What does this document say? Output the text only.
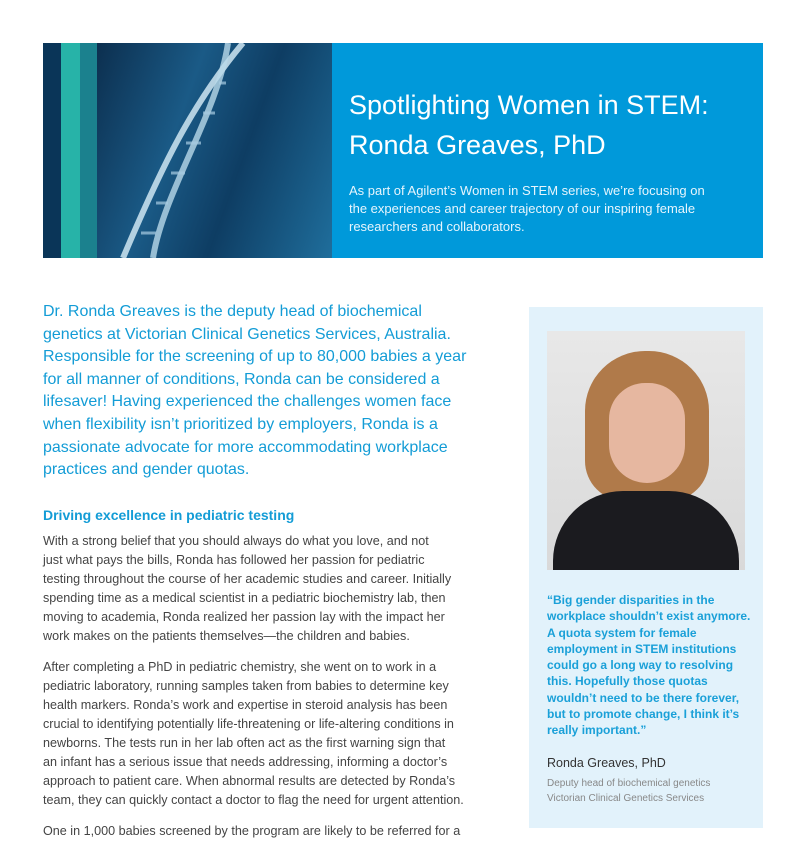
Spotlighting Women in STEM:
Ronda Greaves, PhD
As part of Agilent’s Women in STEM series, we’re focusing on
the experiences and career trajectory of our inspiring female
researchers and collaborators.
Dr. Ronda Greaves is the deputy head of biochemical
genetics at Victorian Clinical Genetics Services, Australia.
Responsible for the screening of up to 80,000 babies a year
for all manner of conditions, Ronda can be considered a
lifesaver! Having experienced the challenges women face
when flexibility isn’t prioritized by employers, Ronda is a
passionate advocate for more accommodating workplace
practices and gender quotas.
Driving excellence in pediatric testing

With a strong belief that you should always do what you love, and not
just what pays the bills, Ronda has followed her passion for pediatric
testing throughout the course of her academic studies and career. Initially
spending time as a medical scientist in a pediatric biochemistry lab, then
moving to academia, Ronda realized her passion lay with the impact her
work makes on the patients themselves—the children and babies.

After completing a PhD in pediatric chemistry, she went on to work in a
pediatric laboratory, running samples taken from babies to determine key
health markers. Ronda’s work and expertise in steroid analysis has been
crucial to identifying potentially life-threatening or life-altering conditions in
newborns. The tests run in her lab often act as the first warning sign that
an infant has a serious issue that needs addressing, informing a doctor’s
approach to patient care. When abnormal results are detected by Ronda’s
team, they can quickly contact a doctor to flag the need for urgent attention.

One in 1,000 babies screened by the program are likely to be referred for a

“Big gender disparities in the
workplace shouldn’t exist anymore.
A quota system for female
employment in STEM institutions
could go a long way to resolving
this. Hopefully those quotas
wouldn’t need to be there forever,
but to promote change, I think it’s
really important.”
Ronda Greaves, PhD
Deputy head of biochemical genetics
Victorian Clinical Genetics Services
